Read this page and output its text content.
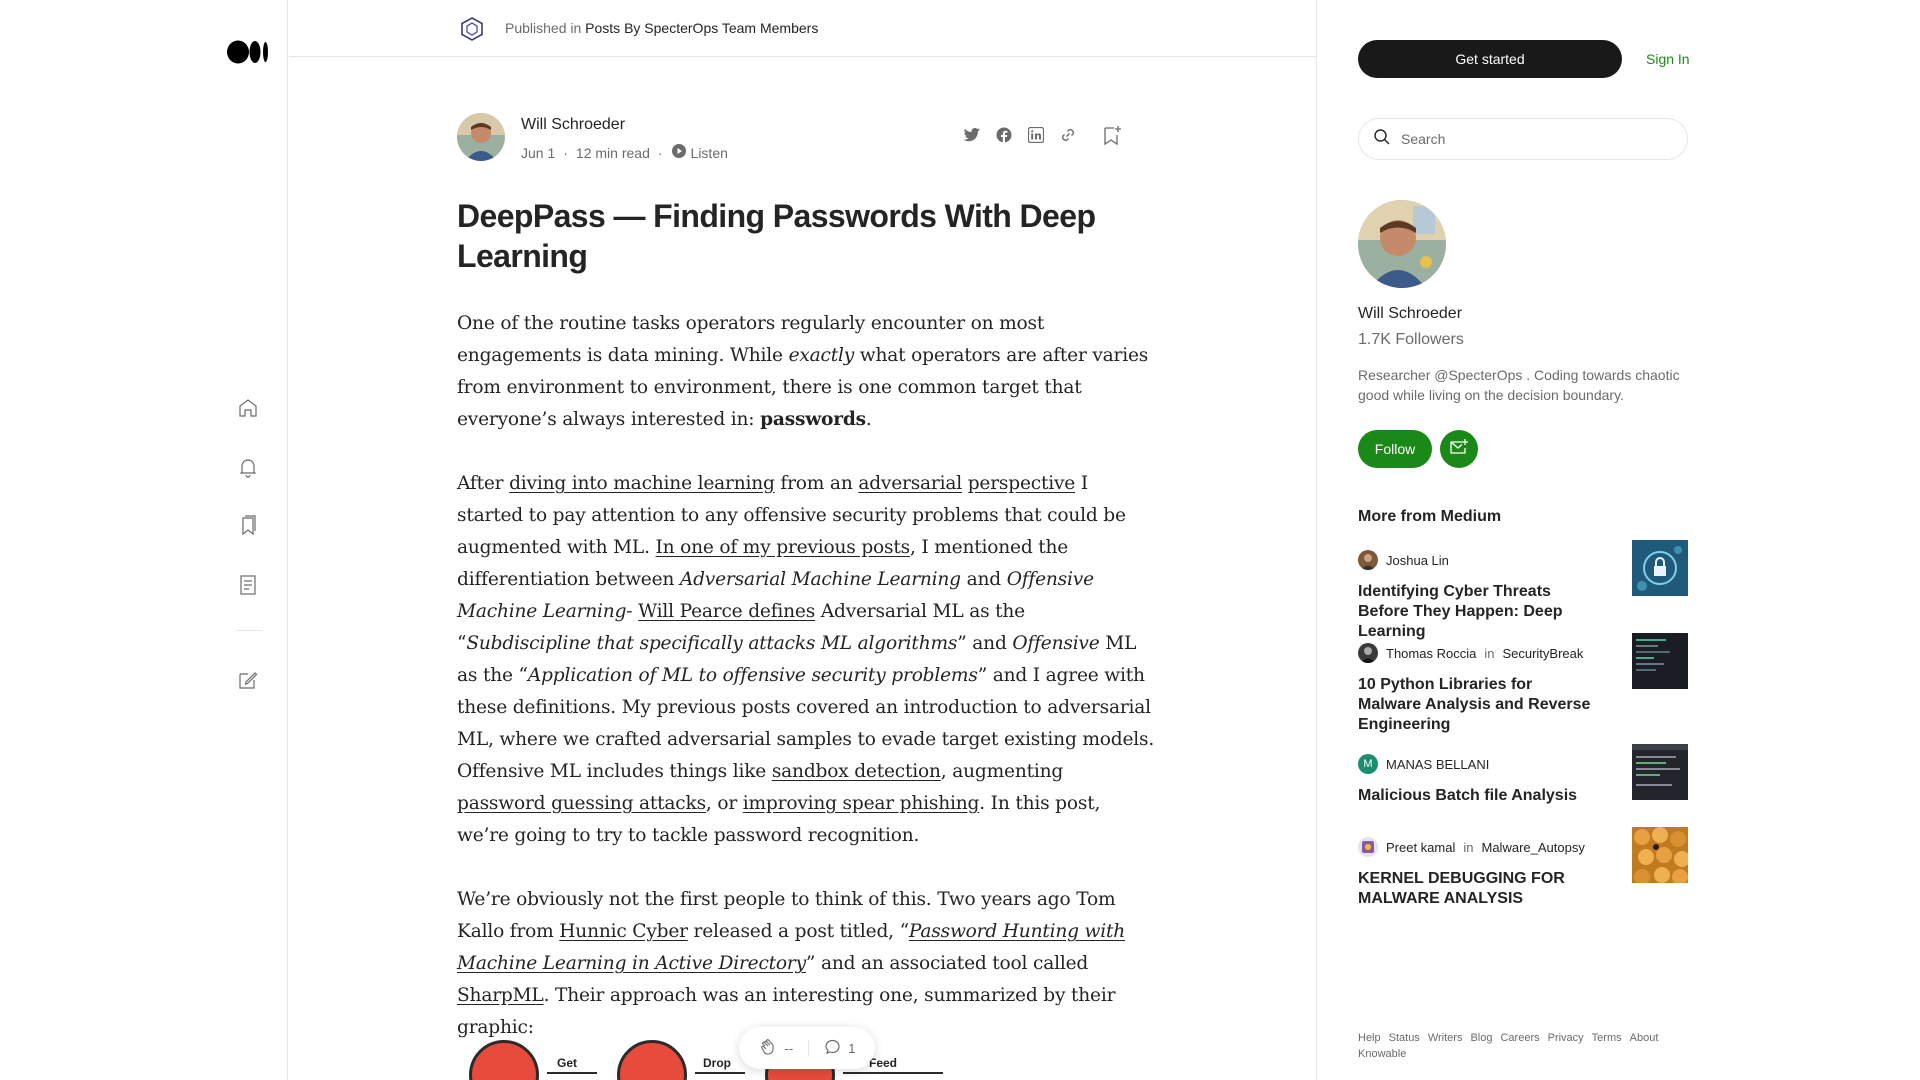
Published in Posts By SpecterOps Team Members
Will Schroeder
Jun 1 · 12 min read · Listen
DeepPass — Finding Passwords With Deep Learning

One of the routine tasks operators regularly encounter on most engagements is data mining. While exactly what operators are after varies from environment to environment, there is one common target that everyone’s always interested in: passwords.

After diving into machine learning from an adversarial perspective I started to pay attention to any offensive security problems that could be augmented with ML. In one of my previous posts, I mentioned the differentiation between Adversarial Machine Learning and Offensive Machine Learning- Will Pearce defines Adversarial ML as the “Subdiscipline that specifically attacks ML algorithms” and Offensive ML as the “Application of ML to offensive security problems” and I agree with these definitions. My previous posts covered an introduction to adversarial ML, where we crafted adversarial samples to evade target existing models. Offensive ML includes things like sandbox detection, augmenting password guessing attacks, or improving spear phishing. In this post, we’re going to try to tackle password recognition.

We’re obviously not the first people to think of this. Two years ago Tom Kallo from Hunnic Cyber released a post titled, “Password Hunting with Machine Learning in Active Directory” and an associated tool called SharpML. Their approach was an interesting one, summarized by their graphic:

Get	Drop	Feed
--	1
Get started	Sign In
Search
Will Schroeder
1.7K Followers
Researcher @SpecterOps . Coding towards chaotic good while living on the decision boundary.
Follow
More from Medium
Joshua Lin
Identifying Cyber Threats Before They Happen: Deep Learning
Thomas Roccia in SecurityBreak
10 Python Libraries for Malware Analysis and Reverse Engineering
M	MANAS BELLANI
Malicious Batch file Analysis
Preet kamal in Malware_Autopsy
KERNEL DEBUGGING FOR MALWARE ANALYSIS
Help Status Writers Blog Careers Privacy Terms About
Knowable
